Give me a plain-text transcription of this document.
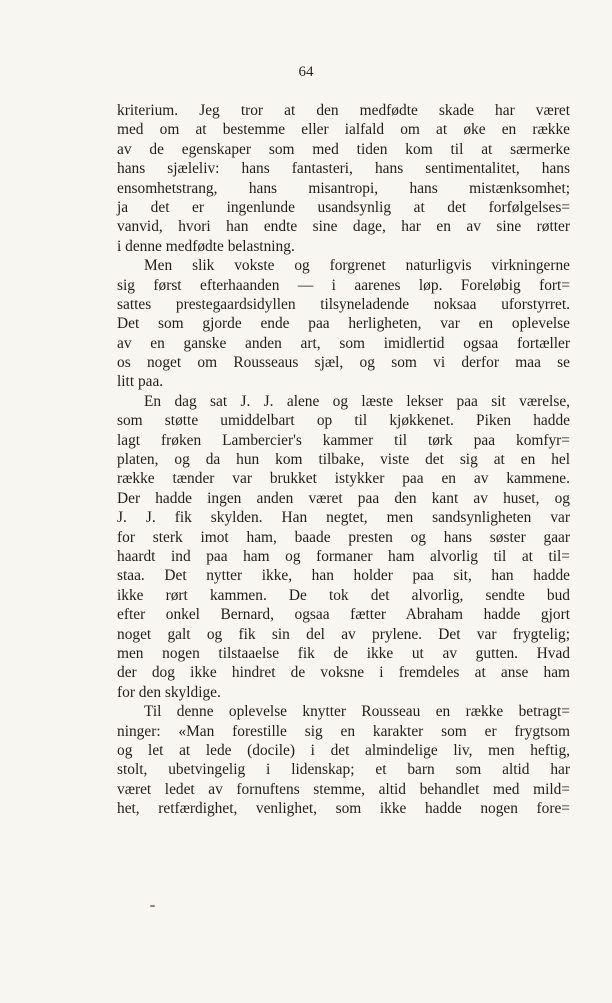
64
kriterium. Jeg tror at den medfødte skade har været
med om at bestemme eller ialfald om at øke en række
av de egenskaper som med tiden kom til at særmerke
hans sjæleliv: hans fantasteri, hans sentimentalitet, hans
ensomhetstrang, hans misantropi, hans mistænksomhet;
ja det er ingenlunde usandsynlig at det forfølgelses=
vanvid, hvori han endte sine dage, har en av sine røtter
i denne medfødte belastning.
Men slik vokste og forgrenet naturligvis virkningerne
sig først efterhaanden — i aarenes løp. Foreløbig fort=
sattes prestegaardsidyllen tilsyneladende noksaa uforstyrret.
Det som gjorde ende paa herligheten, var en oplevelse
av en ganske anden art, som imidlertid ogsaa fortæller
os noget om Rousseaus sjæl, og som vi derfor maa se
litt paa.
En dag sat J. J. alene og læste lekser paa sit værelse,
som støtte umiddelbart op til kjøkkenet. Piken hadde
lagt frøken Lambercier's kammer til tørk paa komfyr=
platen, og da hun kom tilbake, viste det sig at en hel
række tænder var brukket istykker paa en av kammene.
Der hadde ingen anden været paa den kant av huset, og
J. J. fik skylden. Han negtet, men sandsynligheten var
for sterk imot ham, baade presten og hans søster gaar
haardt ind paa ham og formaner ham alvorlig til at til=
staa. Det nytter ikke, han holder paa sit, han hadde
ikke rørt kammen. De tok det alvorlig, sendte bud
efter onkel Bernard, ogsaa fætter Abraham hadde gjort
noget galt og fik sin del av prylene. Det var frygtelig;
men nogen tilstaaelse fik de ikke ut av gutten. Hvad
der dog ikke hindret de voksne i fremdeles at anse ham
for den skyldige.
Til denne oplevelse knytter Rousseau en række betragt=
ninger: «Man forestille sig en karakter som er frygtsom
og let at lede (docile) i det almindelige liv, men heftig,
stolt, ubetvingelig i lidenskap; et barn som altid har
været ledet av fornuftens stemme, altid behandlet med mild=
het, retfærdighet, venlighet, som ikke hadde nogen fore=
